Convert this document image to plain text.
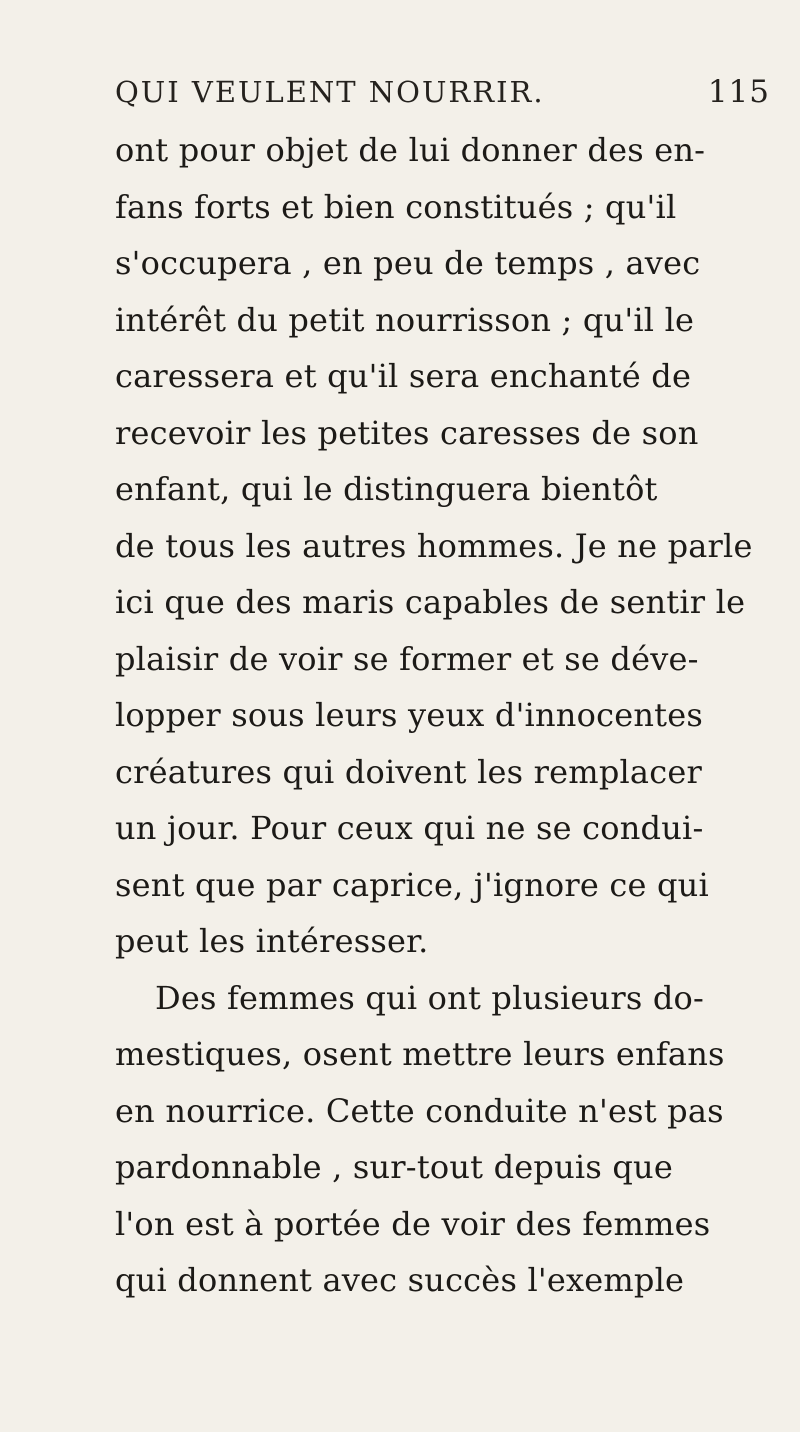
QUI VEULENT NOURRIR.	115
ont pour objet de lui donner des en-
fans forts et bien constitués ; qu'il
s'occupera , en peu de temps , avec
intérêt du petit nourrisson ; qu'il le
caressera et qu'il sera enchanté de
recevoir les petites caresses de son
enfant, qui le distinguera bientôt
de tous les autres hommes. Je ne parle
ici que des maris capables de sentir le
plaisir de voir se former et se déve-
lopper sous leurs yeux d'innocentes
créatures qui doivent les remplacer
un jour. Pour ceux qui ne se condui-
sent que par caprice, j'ignore ce qui
peut les intéresser.
Des femmes qui ont plusieurs do-
mestiques, osent mettre leurs enfans
en nourrice. Cette conduite n'est pas
pardonnable , sur-tout depuis que
l'on est à portée de voir des femmes
qui donnent avec succès l'exemple
